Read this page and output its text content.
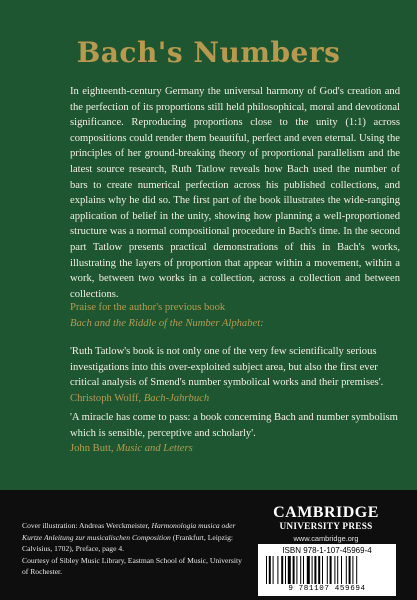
Bach's Numbers

In eighteenth-century Germany the universal harmony of God's creation and the perfection of its proportions still held philosophical, moral and devotional significance. Reproducing proportions close to the unity (1:1) across compositions could render them beautiful, perfect and even eternal. Using the principles of her ground-breaking theory of proportional parallelism and the latest source research, Ruth Tatlow reveals how Bach used the number of bars to create numerical perfection across his published collections, and explains why he did so. The first part of the book illustrates the wide-ranging application of belief in the unity, showing how planning a well-proportioned structure was a normal compositional procedure in Bach's time. In the second part Tatlow presents practical demonstrations of this in Bach's works, illustrating the layers of proportion that appear within a movement, within a work, between two works in a collection, across a collection and between collections.

Praise for the author's previous book
Bach and the Riddle of the Number Alphabet:

'Ruth Tatlow's book is not only one of the very few scientifically serious investigations into this over-exploited subject area, but also the first ever critical analysis of Smend's number symbolical works and their premises'.
Christoph Wolff, Bach-Jahrbuch

'A miracle has come to pass: a book concerning Bach and number symbolism which is sensible, perceptive and scholarly'.
John Butt, Music and Letters

Cover illustration: Andreas Werckmeister, Harmonologia musica oder Kurtze Anleitung zur musicalischen Composition (Frankfurt, Leipzig: Calvisius, 1702), Preface, page 4.
Courtesy of Sibley Music Library, Eastman School of Music, University of Rochester.

CAMBRIDGE
UNIVERSITY PRESS
www.cambridge.org
ISBN 978-1-107-45969-4
9 781107 459694
